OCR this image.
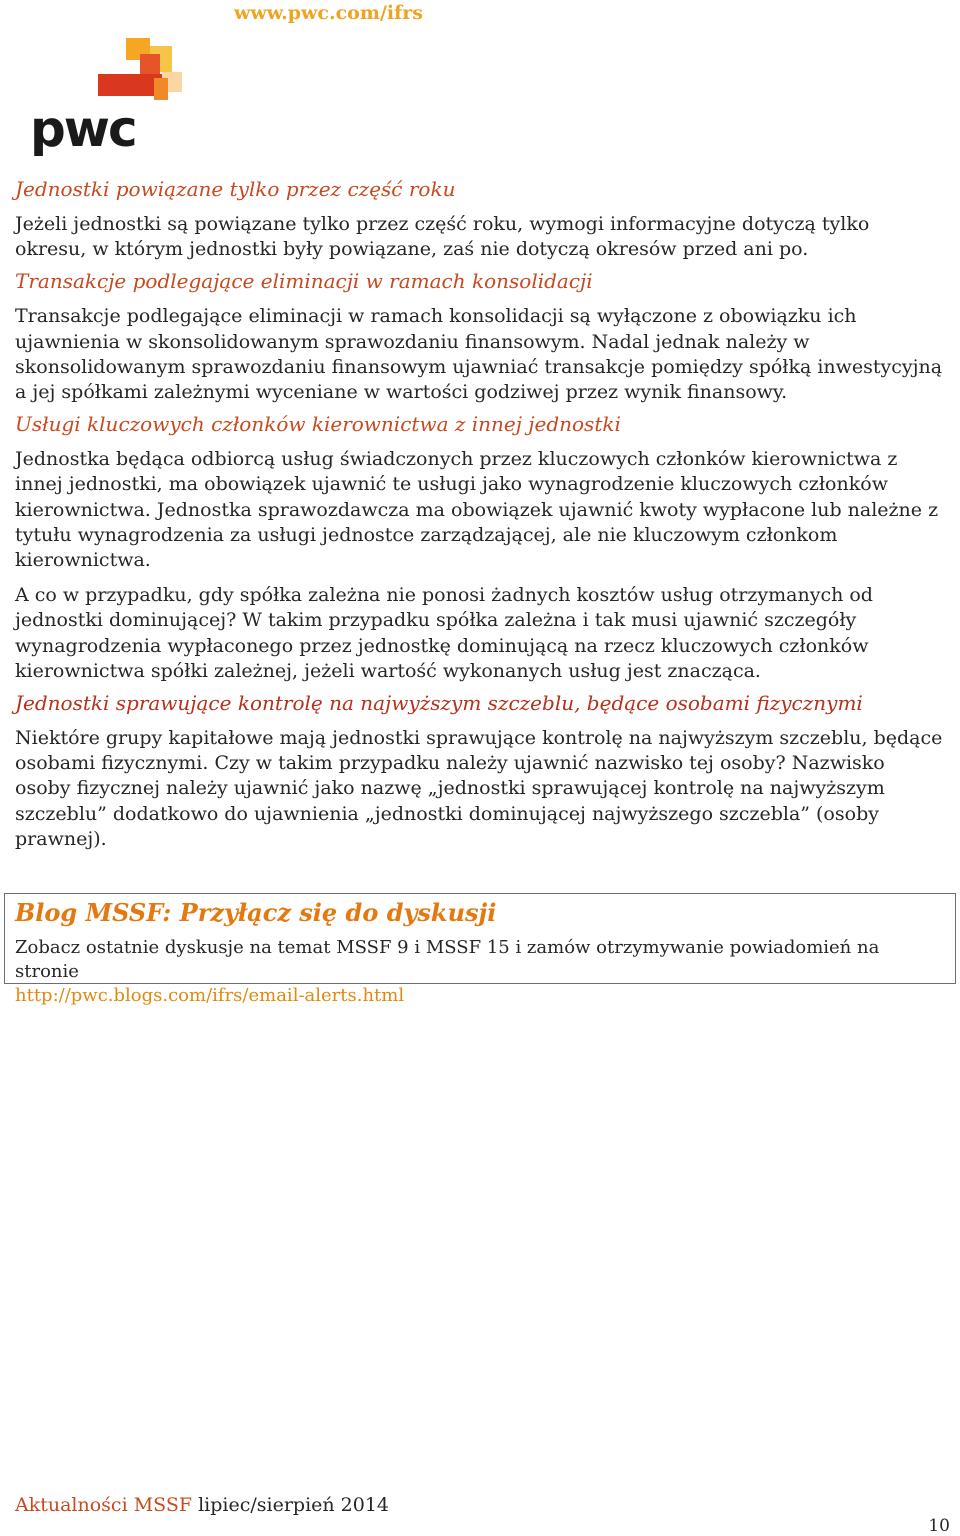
www.pwc.com/ifrs
pwc
Jednostki powiązane tylko przez część roku
Jeżeli jednostki są powiązane tylko przez część roku, wymogi informacyjne dotyczą tylko okresu, w którym jednostki były powiązane, zaś nie dotyczą okresów przed ani po.
Transakcje podlegające eliminacji w ramach konsolidacji
Transakcje podlegające eliminacji w ramach konsolidacji są wyłączone z obowiązku ich ujawnienia w skonsolidowanym sprawozdaniu finansowym. Nadal jednak należy w skonsolidowanym sprawozdaniu finansowym ujawniać transakcje pomiędzy spółką inwestycyjną a jej spółkami zależnymi wyceniane w wartości godziwej przez wynik finansowy.
Usługi kluczowych członków kierownictwa z innej jednostki
Jednostka będąca odbiorcą usług świadczonych przez kluczowych członków kierownictwa z innej jednostki, ma obowiązek ujawnić te usługi jako wynagrodzenie kluczowych członków kierownictwa. Jednostka sprawozdawcza ma obowiązek ujawnić kwoty wypłacone lub należne z tytułu wynagrodzenia za usługi jednostce zarządzającej, ale nie kluczowym członkom kierownictwa.
A co w przypadku, gdy spółka zależna nie ponosi żadnych kosztów usług otrzymanych od jednostki dominującej? W takim przypadku spółka zależna i tak musi ujawnić szczegóły wynagrodzenia wypłaconego przez jednostkę dominującą na rzecz kluczowych członków kierownictwa spółki zależnej, jeżeli wartość wykonanych usług jest znacząca.
Jednostki sprawujące kontrolę na najwyższym szczeblu, będące osobami fizycznymi
Niektóre grupy kapitałowe mają jednostki sprawujące kontrolę na najwyższym szczeblu, będące osobami fizycznymi. Czy w takim przypadku należy ujawnić nazwisko tej osoby? Nazwisko osoby fizycznej należy ujawnić jako nazwę „jednostki sprawującej kontrolę na najwyższym szczeblu” dodatkowo do ujawnienia „jednostki dominującej najwyższego szczebla” (osoby prawnej).
Blog MSSF: Przyłącz się do dyskusji
Zobacz ostatnie dyskusje na temat MSSF 9 i MSSF 15 i zamów otrzymywanie powiadomień na stronie
http://pwc.blogs.com/ifrs/email-alerts.html
Aktualności MSSF lipiec/sierpień 2014
10
